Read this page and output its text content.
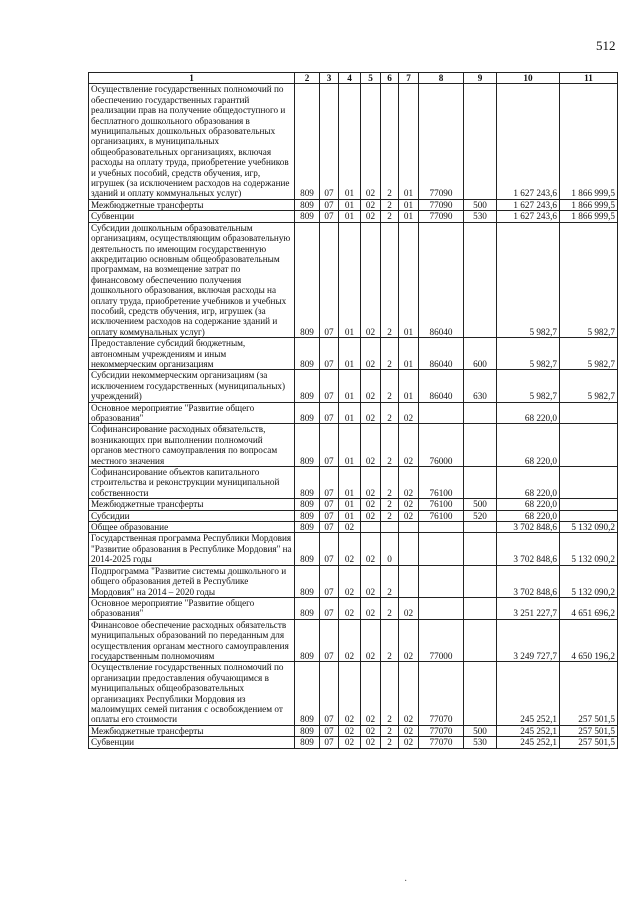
512
1	2	3	4	5	6	7	8	9	10	11
Осуществление государственных полномочий по обеспечению государственных гарантий реализации прав на получение общедоступного и бесплатного дошкольного образования в муниципальных дошкольных образовательных организациях, в муниципальных общеобразовательных организациях, включая расходы на оплату труда, приобретение учебников и учебных пособий, средств обучения, игр, игрушек (за исключением расходов на содержание зданий и оплату коммунальных услуг)	809	07	01	02	2	01	77090		1 627 243,6	1 866 999,5
Межбюджетные трансферты	809	07	01	02	2	01	77090	500	1 627 243,6	1 866 999,5
Субвенции	809	07	01	02	2	01	77090	530	1 627 243,6	1 866 999,5
Субсидии дошкольным образовательным организациям, осуществляющим образовательную деятельность по имеющим государственную аккредитацию основным общеобразовательным программам, на возмещение затрат по финансовому обеспечению получения дошкольного образования, включая расходы на оплату труда, приобретение учебников и учебных пособий, средств обучения, игр, игрушек (за исключением расходов на содержание зданий и оплату коммунальных услуг)	809	07	01	02	2	01	86040		5 982,7	5 982,7
Предоставление субсидий бюджетным, автономным учреждениям и иным некоммерческим организациям	809	07	01	02	2	01	86040	600	5 982,7	5 982,7
Субсидии некоммерческим организациям (за исключением государственных (муниципальных) учреждений)	809	07	01	02	2	01	86040	630	5 982,7	5 982,7
Основное мероприятие "Развитие общего образования"	809	07	01	02	2	02			68 220,0	
Софинансирование расходных обязательств, возникающих при выполнении полномочий органов местного самоуправления по вопросам местного значения	809	07	01	02	2	02	76000		68 220,0	
Софинансирование объектов капитального строительства и реконструкции муниципальной собственности	809	07	01	02	2	02	76100		68 220,0	
Межбюджетные трансферты	809	07	01	02	2	02	76100	500	68 220,0	
Субсидии	809	07	01	02	2	02	76100	520	68 220,0	
Общее образование	809	07	02						3 702 848,6	5 132 090,2
Государственная программа Республики Мордовия "Развитие образования в Республике Мордовия" на 2014-2025 годы	809	07	02	02	0				3 702 848,6	5 132 090,2
Подпрограмма "Развитие системы дошкольного и общего образования детей в Республике Мордовия" на 2014 – 2020 годы	809	07	02	02	2				3 702 848,6	5 132 090,2
Основное мероприятие "Развитие общего образования"	809	07	02	02	2	02			3 251 227,7	4 651 696,2
Финансовое обеспечение расходных обязательств муниципальных образований по переданным для осуществления органам местного самоуправления государственным полномочиям	809	07	02	02	2	02	77000		3 249 727,7	4 650 196,2
Осуществление государственных полномочий по организации предоставления обучающимся в муниципальных общеобразовательных организациях Республики Мордовия из малоимущих семей питания с освобождением от оплаты его стоимости	809	07	02	02	2	02	77070		245 252,1	257 501,5
Межбюджетные трансферты	809	07	02	02	2	02	77070	500	245 252,1	257 501,5
Субвенции	809	07	02	02	2	02	77070	530	245 252,1	257 501,5
·
